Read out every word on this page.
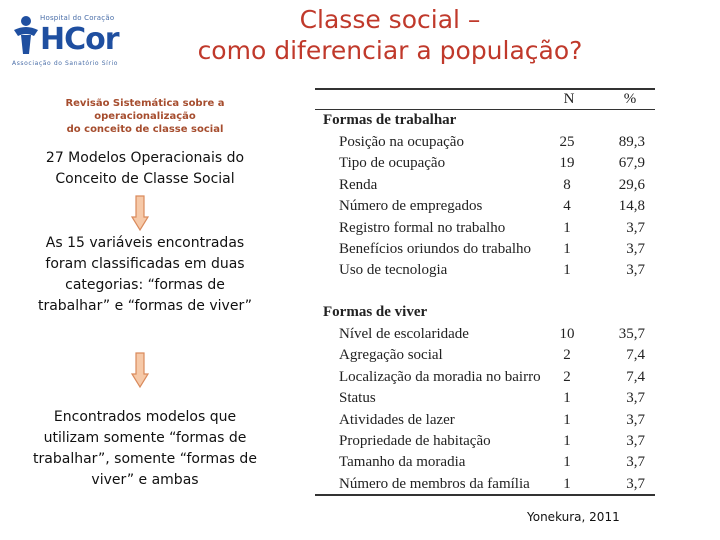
Hospital do Coração
HCor
Associação do Sanatório Sírio
Classe social –
como diferenciar a população?
Revisão Sistemática sobre a operacionalização
do conceito de classe social
27 Modelos Operacionais do Conceito de Classe Social
As 15 variáveis encontradas foram classificadas em duas categorias: “formas de trabalhar” e “formas de viver”
Encontrados modelos que utilizam somente “formas de trabalhar”, somente “formas de viver” e ambas
N	%
Formas de trabalhar
Posição na ocupação	25	89,3
Tipo de ocupação	19	67,9
Renda	8	29,6
Número de empregados	4	14,8
Registro formal no trabalho	1	3,7
Benefícios oriundos do trabalho	1	3,7
Uso de tecnologia	1	3,7
Formas de viver
Nível de escolaridade	10	35,7
Agregação social	2	7,4
Localização da moradia no bairro	2	7,4
Status	1	3,7
Atividades de lazer	1	3,7
Propriedade de habitação	1	3,7
Tamanho da moradia	1	3,7
Número de membros da família	1	3,7
Yonekura, 2011
